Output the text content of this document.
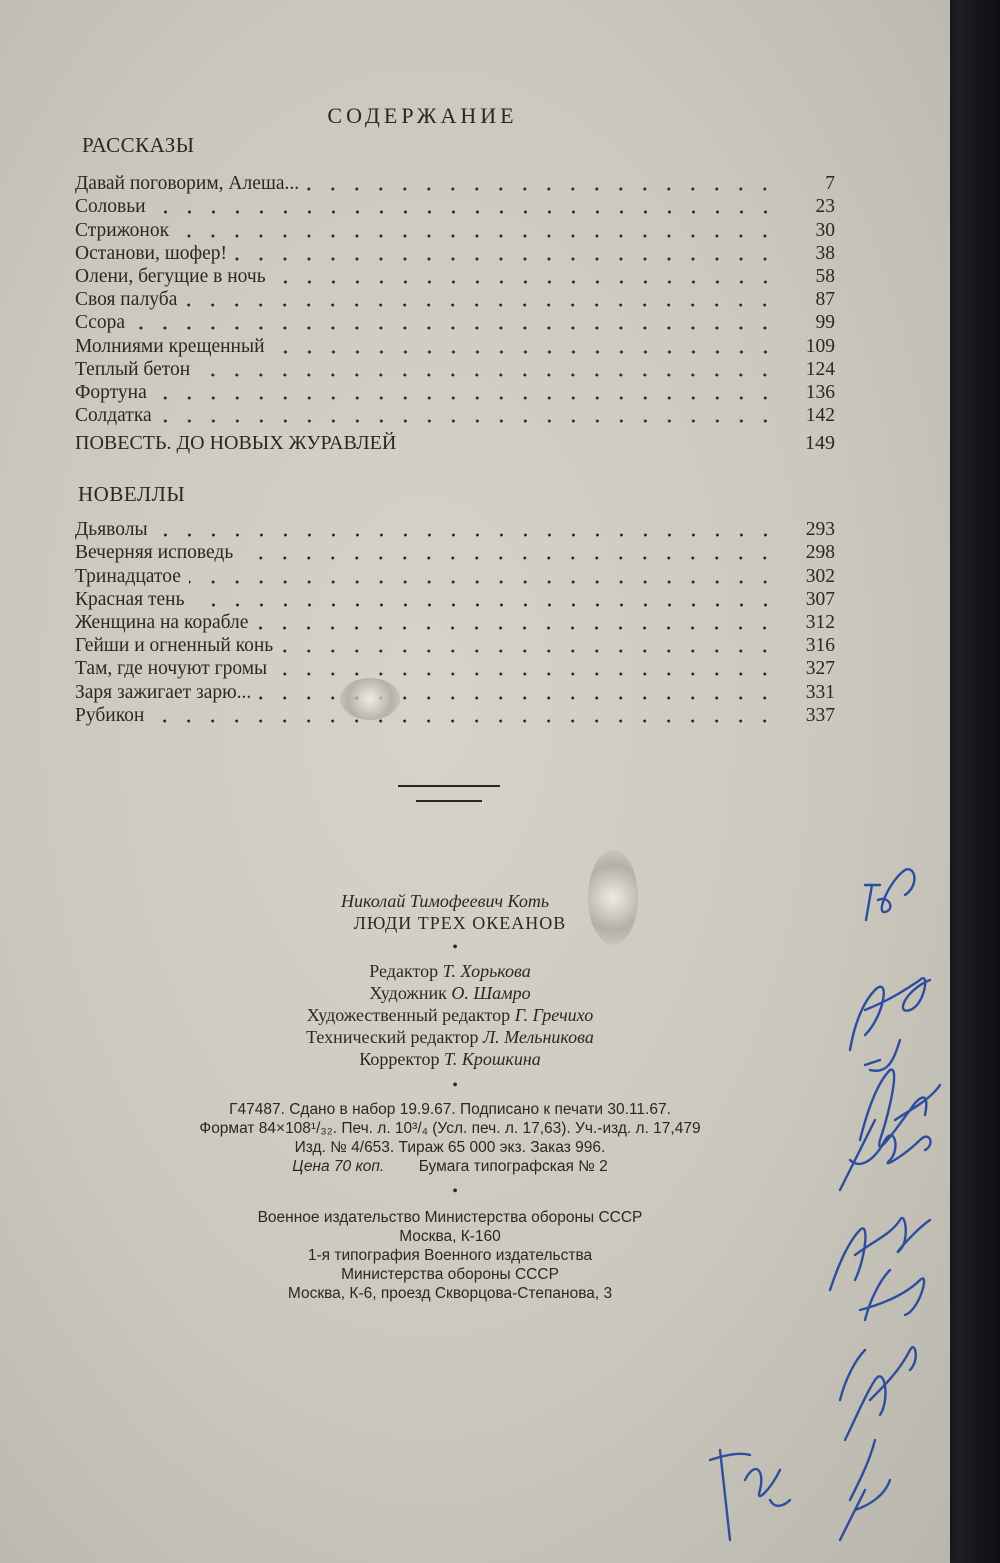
СОДЕРЖАНИЕ
РАССКАЗЫ
Давай поговорим, Алеша...	7
Соловьи	23
Стрижонок	30
Останови, шофер!	38
Олени, бегущие в ночь	58
Своя палуба	87
Ссора	99
Молниями крещенный	109
Теплый бетон	124
Фортуна	136
Солдатка	142
ПОВЕСТЬ. ДО НОВЫХ ЖУРАВЛЕЙ	149
НОВЕЛЛЫ
Дьяволы	293
Вечерняя исповедь	298
Тринадцатое	302
Красная тень	307
Женщина на корабле	312
Гейши и огненный конь	316
Там, где ночуют громы	327
Заря зажигает зарю...	331
Рубикон	337
Николай Тимофеевич Коть
ЛЮДИ ТРЕХ ОКЕАНОВ
•
Редактор Т. Хорькова
Художник О. Шамро
Художественный редактор Г. Гречихо
Технический редактор Л. Мельникова
Корректор Т. Крошкина
•
Г47487. Сдано в набор 19.9.67. Подписано к печати 30.11.67.
Формат 84×108¹/₃₂. Печ. л. 10³/₄ (Усл. печ. л. 17,63). Уч.-изд. л. 17,479
Изд. № 4/653. Тираж 65 000 экз. Заказ 996.
Цена 70 коп. Бумага типографская № 2
•
Военное издательство Министерства обороны СССР
Москва, К-160
1-я типография Военного издательства
Министерства обороны СССР
Москва, К-6, проезд Скворцова-Степанова, 3
